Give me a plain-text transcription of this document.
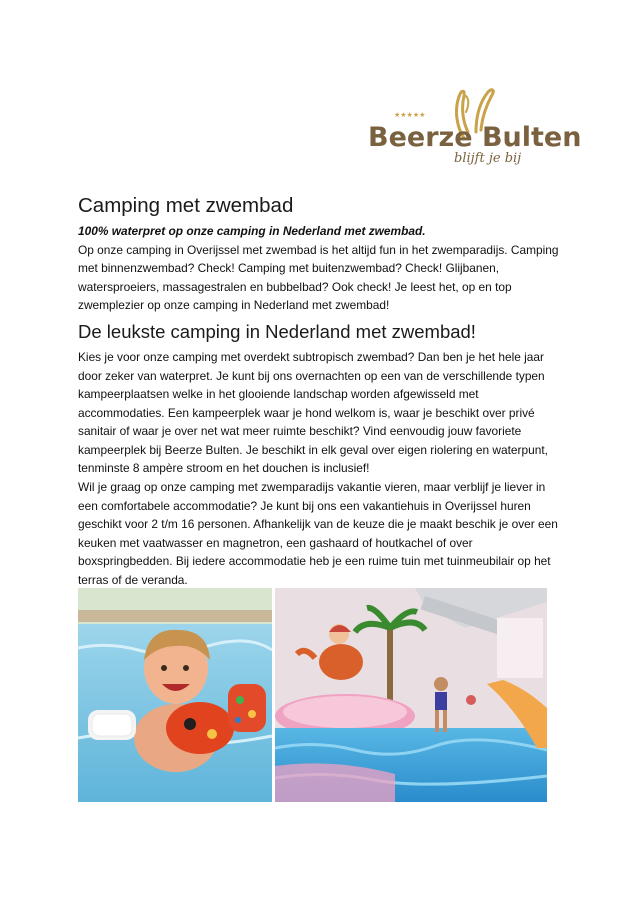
★★★★★
Beerze Bulten
blijft je bij
Camping met zwembad
100% waterpret op onze camping in Nederland met zwembad.
Op onze camping in Overijssel met zwembad is het altijd fun in het zwemparadijs. Camping met binnenzwembad? Check! Camping met buitenzwembad? Check! Glijbanen, watersproeiers, massagestralen en bubbelbad? Ook check! Je leest het, op en top zwemplezier op onze camping in Nederland met zwembad!
De leukste camping in Nederland met zwembad!

Kies je voor onze camping met overdekt subtropisch zwembad? Dan ben je het hele jaar door zeker van waterpret. Je kunt bij ons overnachten op een van de verschillende typen kampeerplaatsen welke in het glooiende landschap worden afgewisseld met accommodaties. Een kampeerplek waar je hond welkom is, waar je beschikt over privé sanitair of waar je over net wat meer ruimte beschikt? Vind eenvoudig jouw favoriete kampeerplek bij Beerze Bulten. Je beschikt in elk geval over eigen riolering en waterpunt, tenminste 8 ampère stroom en het douchen is inclusief!

Wil je graag op onze camping met zwemparadijs vakantie vieren, maar verblijf je liever in een comfortabele accommodatie? Je kunt bij ons een vakantiehuis in Overijssel huren geschikt voor 2 t/m 16 personen. Afhankelijk van de keuze die je maakt beschik je over een keuken met vaatwasser en magnetron, een gashaard of houtkachel of over boxspringbedden. Bij iedere accommodatie heb je een ruime tuin met tuinmeubilair op het terras of de veranda.
